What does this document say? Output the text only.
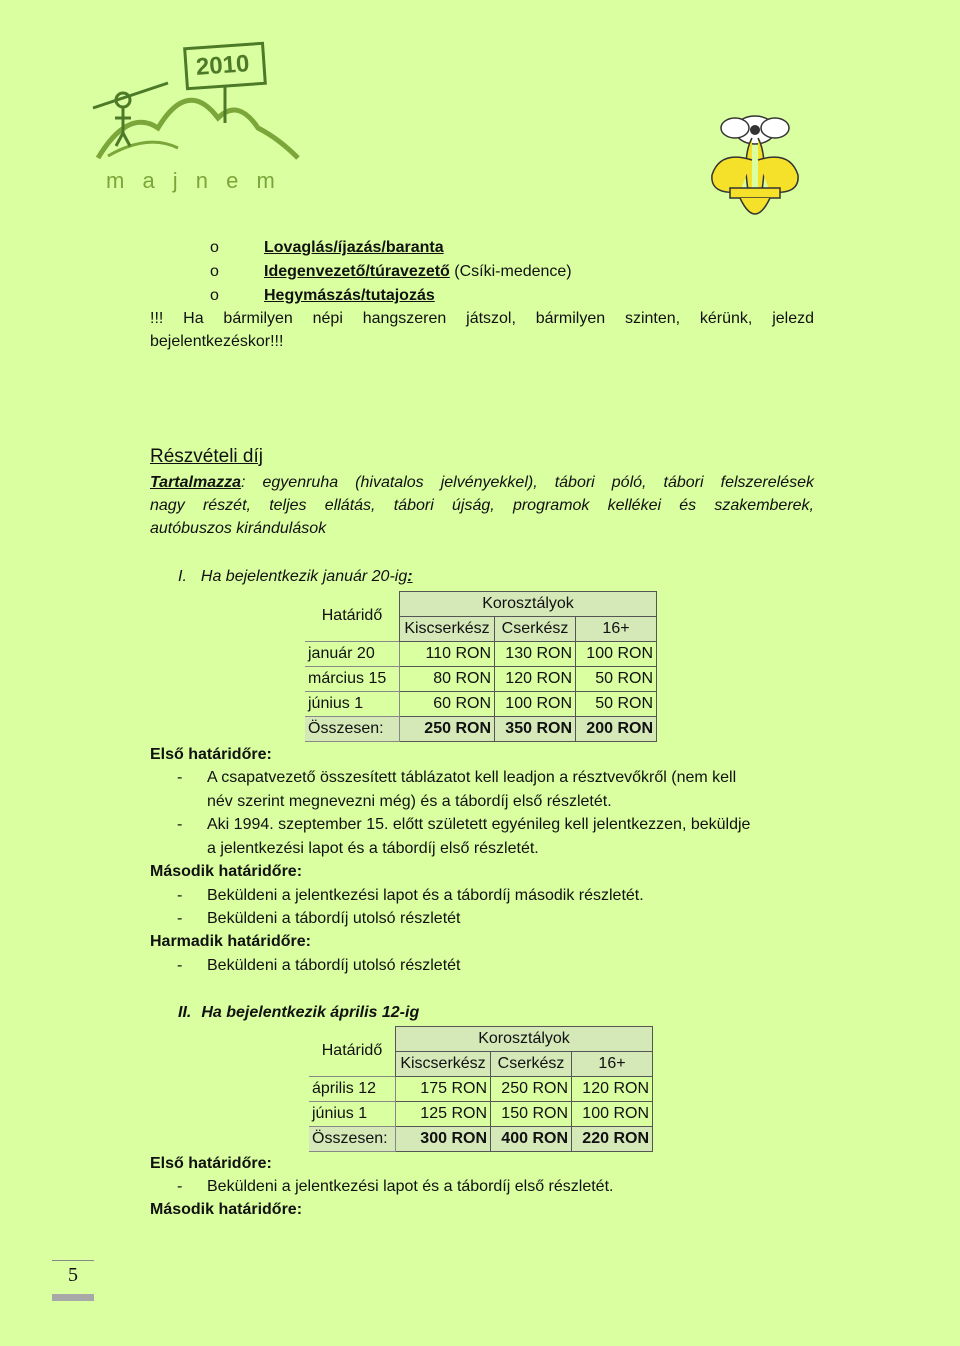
2010
m a j n e m
o	Lovaglás/íjazás/baranta
o	Idegenvezető/túravezető (Csíki-medence)
o	Hegymászás/tutajozás
!!! Ha bármilyen népi hangszeren játszol, bármilyen szinten, kérünk, jelezd
bejelentkezéskor!!!
Részvételi díj
Tartalmazza: egyenruha (hivatalos jelvényekkel), tábori póló, tábori felszerelések
nagy részét, teljes ellátás, tábori újság, programok kellékei és szakemberek,
autóbuszos kirándulások
I. Ha bejelentkezik január 20-ig:
Határidő	Korosztályok		
	Kiscserkész	Cserkész	16+
január 20	110 RON	130 RON	100 RON
március 15	80 RON	120 RON	50 RON
június 1	60 RON	100 RON	50 RON
Összesen:	250 RON	350 RON	200 RON
Első határidőre:
- A csapatvezető összesített táblázatot kell leadjon a résztvevőkről (nem kell
név szerint megnevezni még) és a tábordíj első részletét.
- Aki 1994. szeptember 15. előtt született egyénileg kell jelentkezzen, beküldje
a jelentkezési lapot és a tábordíj első részletét.
Második határidőre:
- Beküldeni a jelentkezési lapot és a tábordíj második részletét.
- Beküldeni a tábordíj utolsó részletét
Harmadik határidőre:
- Beküldeni a tábordíj utolsó részletét
II. Ha bejelentkezik április 12-ig
Határidő	Korosztályok		
	Kiscserkész	Cserkész	16+
április 12	175 RON	250 RON	120 RON
június 1	125 RON	150 RON	100 RON
Összesen:	300 RON	400 RON	220 RON
Első határidőre:
- Beküldeni a jelentkezési lapot és a tábordíj első részletét.
Második határidőre:
5
